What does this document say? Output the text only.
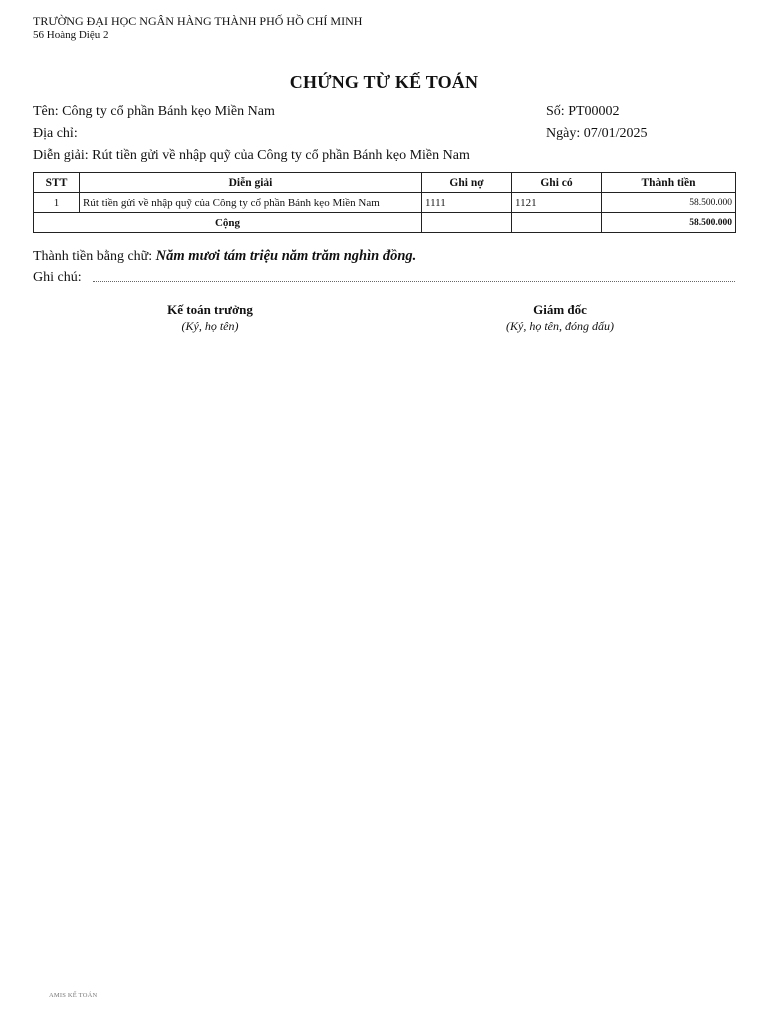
TRƯỜNG ĐẠI HỌC NGÂN HÀNG THÀNH PHỐ HỒ CHÍ MINH
56 Hoàng Diệu 2
CHỨNG TỪ KẾ TOÁN
Tên: Công ty cổ phần Bánh kẹo Miền Nam	Số: PT00002
Địa chỉ:	Ngày: 07/01/2025
Diễn giải: Rút tiền gửi về nhập quỹ của Công ty cổ phần Bánh kẹo Miền Nam
STT	Diễn giải	Ghi nợ	Ghi có	Thành tiền
1	Rút tiền gửi về nhập quỹ của Công ty cổ phần Bánh kẹo Miền Nam	1111	1121	58.500.000
Cộng				58.500.000
Thành tiền bằng chữ: Năm mươi tám triệu năm trăm nghìn đồng.
Ghi chú:
Kế toán trưởng
(Ký, họ tên)
Giám đốc
(Ký, họ tên, đóng dấu)
AMIS KẾ TOÁN
